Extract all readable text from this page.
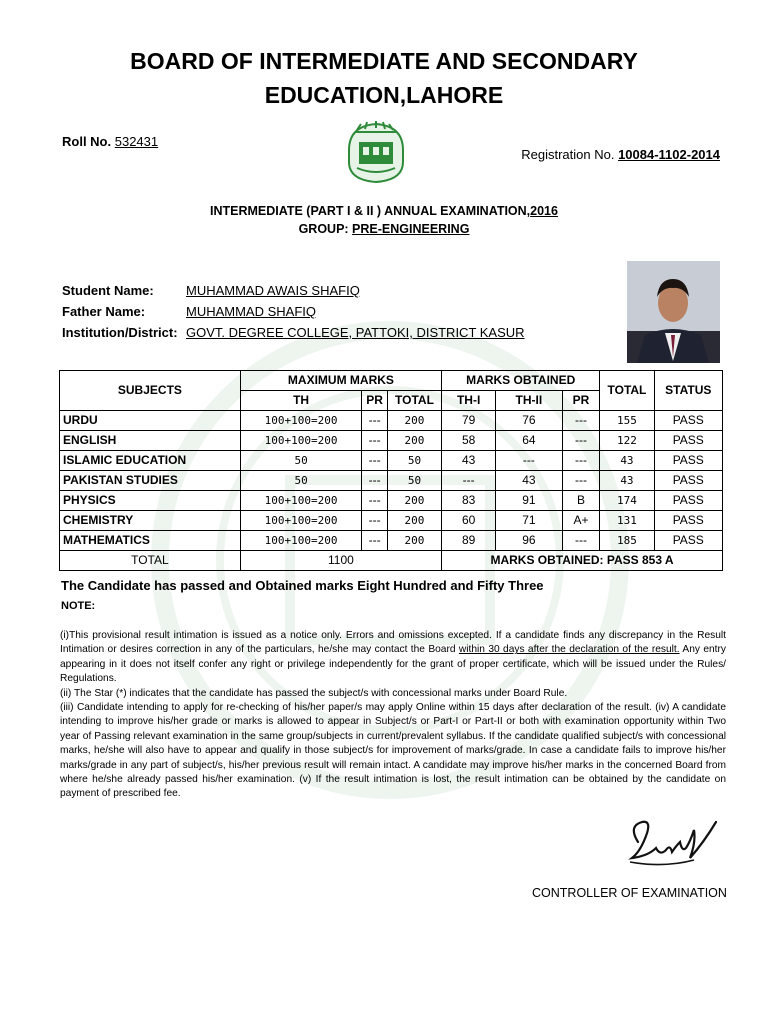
BOARD OF INTERMEDIATE AND SECONDARY
EDUCATION,LAHORE
Roll No. 532431
Registration No. 10084-1102-2014
INTERMEDIATE (PART I & II ) ANNUAL EXAMINATION,2016
GROUP: PRE-ENGINEERING
Student Name:	MUHAMMAD AWAIS SHAFIQ
Father Name:	MUHAMMAD SHAFIQ
Institution/District: GOVT. DEGREE COLLEGE, PATTOKI, DISTRICT KASUR
SUBJECTS	MAXIMUM MARKS			MARKS OBTAINED			TOTAL	STATUS
	TH	PR	TOTAL	TH-I	TH-II	PR		
URDU	100+100=200	---	200	79	76	---	155	PASS
ENGLISH	100+100=200	---	200	58	64	---	122	PASS
ISLAMIC EDUCATION	50	---	50	43	---	---	43	PASS
PAKISTAN STUDIES	50	---	50	---	43	---	43	PASS
PHYSICS	100+100=200	---	200	83	91	B	174	PASS
CHEMISTRY	100+100=200	---	200	60	71	A+	131	PASS
MATHEMATICS	100+100=200	---	200	89	96	---	185	PASS
TOTAL	1100			MARKS OBTAINED: PASS 853 A				
The Candidate has passed and Obtained marks Eight Hundred and Fifty Three
NOTE:

(i)This provisional result intimation is issued as a notice only. Errors and omissions excepted. If a candidate finds any discrepancy in the Result Intimation or desires correction in any of the particulars, he/she may contact the Board within 30 days after the declaration of the result. Any entry appearing in it does not itself confer any right or privilege independently for the grant of proper certificate, which will be issued under the Rules/ Regulations.

(ii) The Star (*) indicates that the candidate has passed the subject/s with concessional marks under Board Rule.

(iii) Candidate intending to apply for re-checking of his/her paper/s may apply Online within 15 days after declaration of the result. (iv) A candidate intending to improve his/her grade or marks is allowed to appear in Subject/s or Part-I or Part-II or both with examination opportunity within Two year of Passing relevant examination in the same group/subjects in current/prevalent syllabus. If the candidate qualified subject/s with concessional marks, he/she will also have to appear and qualify in those subject/s for improvement of marks/grade. In case a candidate fails to improve his/her marks/grade in any part of subject/s, his/her previous result will remain intact. A candidate may improve his/her marks in the concerned Board from where he/she already passed his/her examination. (v) If the result intimation is lost, the result intimation can be obtained by the candidate on payment of prescribed fee.

CONTROLLER OF EXAMINATION
